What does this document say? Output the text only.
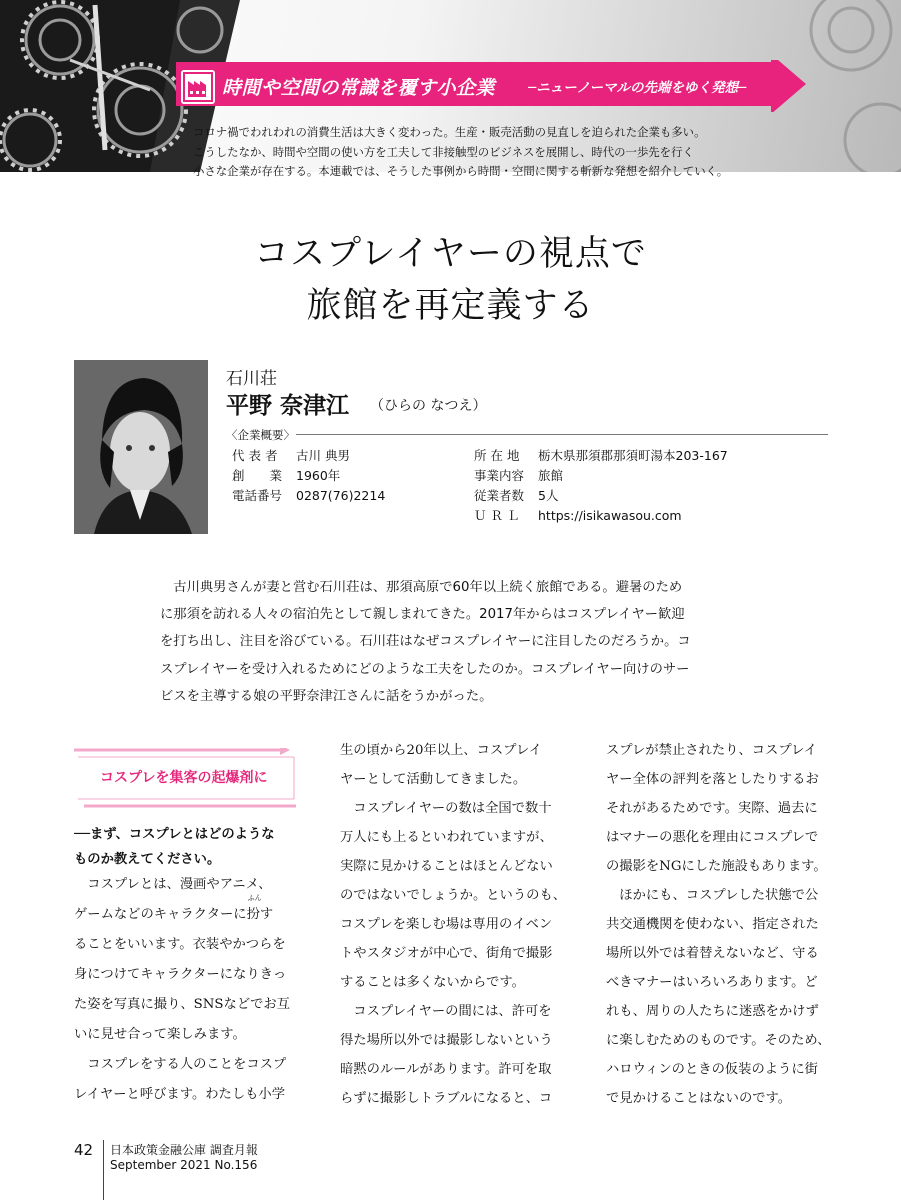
時間や空間の常識を覆す小企業 ─ニューノーマルの先端をゆく発想─
コロナ禍でわれわれの消費生活は大きく変わった。生産・販売活動の見直しを迫られた企業も多い。
こうしたなか、時間や空間の使い方を工夫して非接触型のビジネスを展開し、時代の一歩先を行く
小さな企業が存在する。本連載では、そうした事例から時間・空間に関する斬新な発想を紹介していく。
コスプレイヤーの視点で
旅館を再定義する
石川荘
平野 奈津江 （ひらの なつえ）
〈企業概要〉
代 表 者 古川 典男
創　　業 1960年
電話番号 0287(76)2214
所 在 地 栃木県那須郡那須町湯本203-167
事業内容 旅館
従業者数 5人
Ｕ Ｒ Ｌ https://isikawasou.com
　古川典男さんが妻と営む石川荘は、那須高原で60年以上続く旅館である。避暑のため
に那須を訪れる人々の宿泊先として親しまれてきた。2017年からはコスプレイヤー歓迎
を打ち出し、注目を浴びている。石川荘はなぜコスプレイヤーに注目したのだろうか。コ
スプレイヤーを受け入れるためにどのような工夫をしたのか。コスプレイヤー向けのサー
ビスを主導する娘の平野奈津江さんに話をうかがった。
コスプレを集客の起爆剤に
──まず、コスプレとはどのような
ものか教えてください。
　コスプレとは、漫画やアニメ、
ゲームなどのキャラクターに
ふん
扮す
ることをいいます。衣装やかつらを
身につけてキャラクターになりきっ
た姿を写真に撮り、SNSなどでお互
いに見せ合って楽しみます。
　コスプレをする人のことをコスプ
レイヤーと呼びます。わたしも小学
生の頃から20年以上、コスプレイ
ヤーとして活動してきました。
　コスプレイヤーの数は全国で数十
万人にも上るといわれていますが、
実際に見かけることはほとんどない
のではないでしょうか。というのも、
コスプレを楽しむ場は専用のイベン
トやスタジオが中心で、街角で撮影
することは多くないからです。
　コスプレイヤーの間には、許可を
得た場所以外では撮影しないという
暗黙のルールがあります。許可を取
らずに撮影しトラブルになると、コ
スプレが禁止されたり、コスプレイ
ヤー全体の評判を落としたりするお
それがあるためです。実際、過去に
はマナーの悪化を理由にコスプレで
の撮影をNGにした施設もあります。
　ほかにも、コスプレした状態で公
共交通機関を使わない、指定された
場所以外では着替えないなど、守る
べきマナーはいろいろあります。ど
れも、周りの人たちに迷惑をかけず
に楽しむためのものです。そのため、
ハロウィンのときの仮装のように街
で見かけることはないのです。
42 日本政策金融公庫 調査月報
September 2021 No.156
